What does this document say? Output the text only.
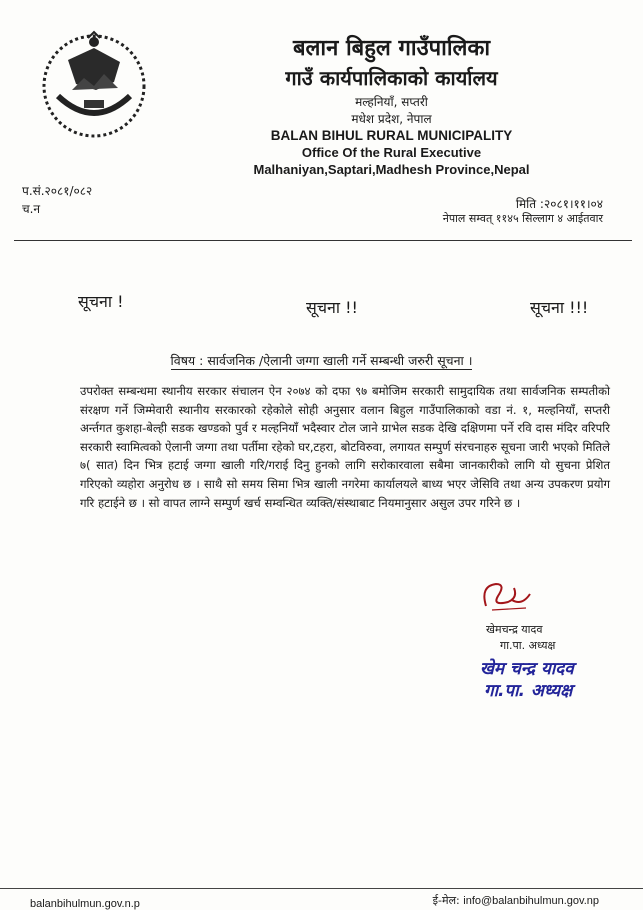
बलान बिहुल गाउँपालिका
गाउँ कार्यपालिकाको कार्यालय
मल्हनियाँ, सप्तरी
मधेश प्रदेश, नेपाल
BALAN BIHUL RURAL MUNICIPALITY
Office Of the Rural Executive
Malhaniyan,Saptari,Madhesh Province,Nepal
प.सं.२०८१/०८२
च.न	मिति :२०८१।११।०४
नेपाल सम्वत् ११४५ सिल्लाग ४ आईतवार
सूचना !	सूचना !!	सूचना !!!
विषय : सार्वजनिक /ऐलानी जग्गा खाली गर्ने सम्बन्धी जरुरी सूचना ।

उपरोक्त सम्बन्धमा स्थानीय सरकार संचालन ऐन २०७४ को दफा ९७ बमोजिम सरकारी सामुदायिक तथा सार्वजनिक सम्पतीको संरक्षण गर्ने जिम्मेवारी स्थानीय सरकारको रहेकोले सोही अनुसार वलान बिहुल गाउँपालिकाको वडा नं. १, मल्हनियाँ, सप्तरी अर्न्तगत कुशहा-बेल्ही सडक खण्डको पुर्व र मल्हनियाँ भदैस्वार टोल जाने ग्राभेल सडक देखि दक्षिणमा पर्ने रवि दास मंदिर वरिपरि सरकारी स्वामित्वको ऐलानी जग्गा तथा पर्तीमा रहेको घर,टहरा, बोटविरुवा, लगायत सम्पुर्ण संरचनाहरु सूचना जारी भएको मितिले ७( सात) दिन भित्र हटाई जग्गा खाली गरि/गराई दिनु हुनको लागि सरोकारवाला सबैमा जानकारीको लागि यो सुचना प्रेशित गरिएको व्यहोरा अनुरोध छ । साथै सो समय सिमा भित्र खाली नगरेमा कार्यालयले बाध्य भएर जेसिवि तथा अन्य उपकरण प्रयोग गरि हटाईने छ । सो वापत लाग्ने सम्पुर्ण खर्च सम्वन्धित व्यक्ति/संस्थाबाट नियमानुसार असुल उपर गरिने छ ।

खेमचन्द्र यादव
गा.पा. अध्यक्ष
खेम चन्द्र यादव
गा.पा. अध्यक्ष
ई-मेल: info@balanbihulmun.gov.np
balanbihulmun.gov.n.p
